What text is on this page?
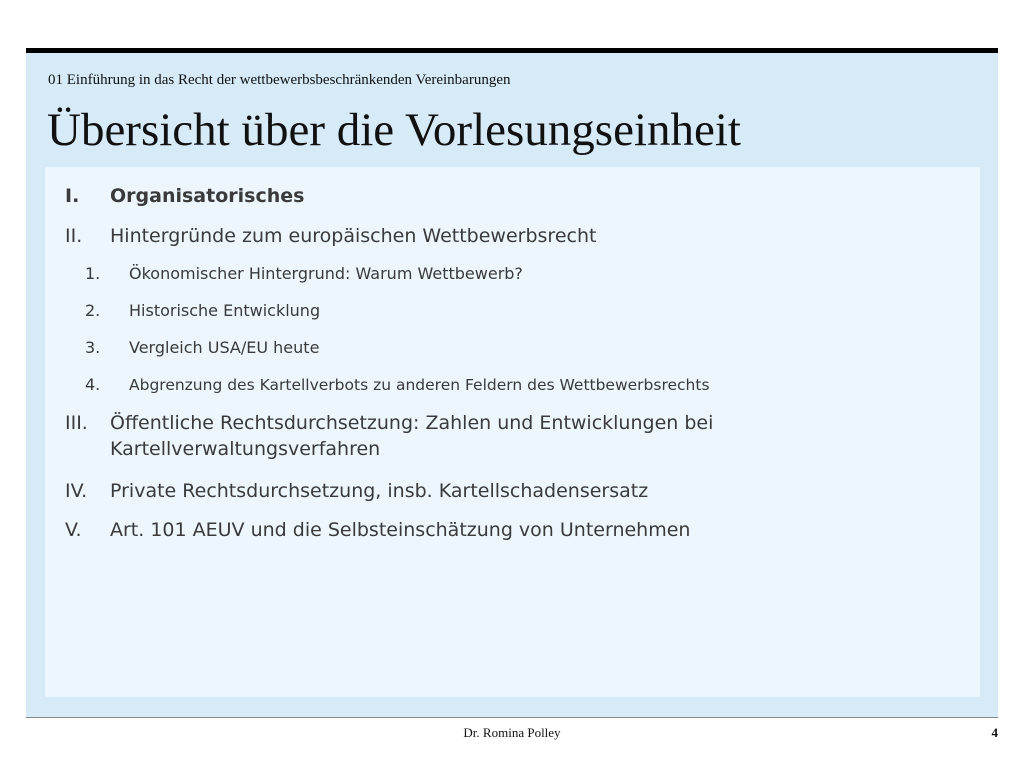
01 Einführung in das Recht der wettbewerbsbeschränkenden Vereinbarungen
Übersicht über die Vorlesungseinheit
I.	Organisatorisches
II.	Hintergründe zum europäischen Wettbewerbsrecht
1.	Ökonomischer Hintergrund: Warum Wettbewerb?
2.	Historische Entwicklung
3.	Vergleich USA/EU heute
4.	Abgrenzung des Kartellverbots zu anderen Feldern des Wettbewerbsrechts
III.	Öffentliche Rechtsdurchsetzung: Zahlen und Entwicklungen bei Kartellverwaltungsverfahren
IV.	Private Rechtsdurchsetzung, insb. Kartellschadensersatz
V.	Art. 101 AEUV und die Selbsteinschätzung von Unternehmen
Dr. Romina Polley	4
